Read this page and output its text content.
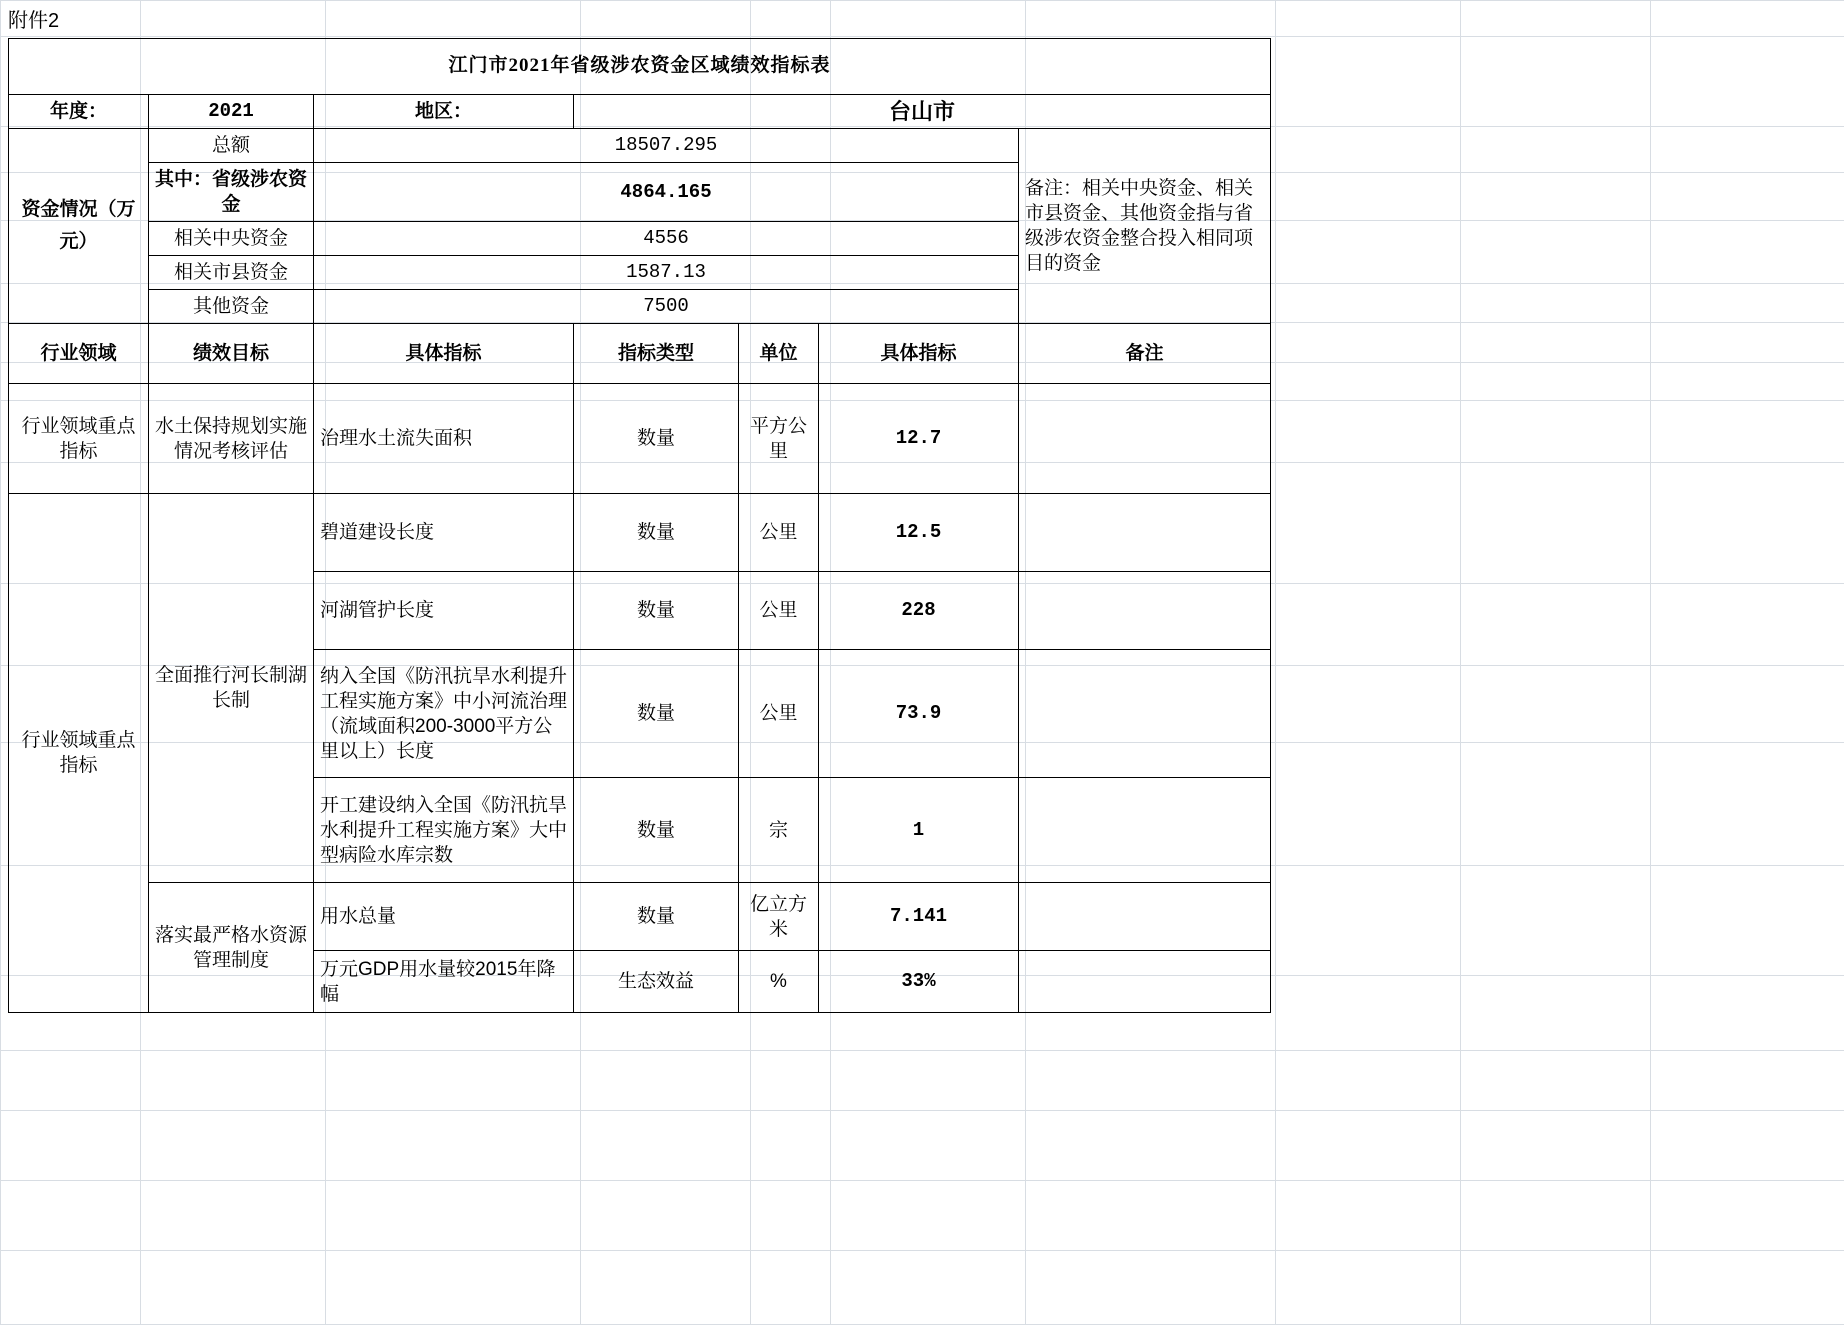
附件2
江门市2021年省级涉农资金区域绩效指标表						
年度：	2021	地区：	台山市			
资金情况（万元）	总额	18507.295				备注：相关中央资金、相关市县资金、其他资金指与省级涉农资金整合投入相同项目的资金
	其中：省级涉农资金	4864.165				
	相关中央资金	4556				
	相关市县资金	1587.13				
	其他资金	7500				
行业领域	绩效目标	具体指标	指标类型	单位	具体指标	备注
行业领域重点指标	水土保持规划实施情况考核评估	治理水土流失面积	数量	平方公里	12.7	
行业领域重点指标	全面推行河长制湖长制	碧道建设长度	数量	公里	12.5	
		河湖管护长度	数量	公里	228	
		纳入全国《防汛抗旱水利提升工程实施方案》中小河流治理（流域面积200-3000平方公里以上）长度	数量	公里	73.9	
		开工建设纳入全国《防汛抗旱水利提升工程实施方案》大中型病险水库宗数	数量	宗	1	
	落实最严格水资源管理制度	用水总量	数量	亿立方米	7.141	
		万元GDP用水量较2015年降幅	生态效益	%	33%	
